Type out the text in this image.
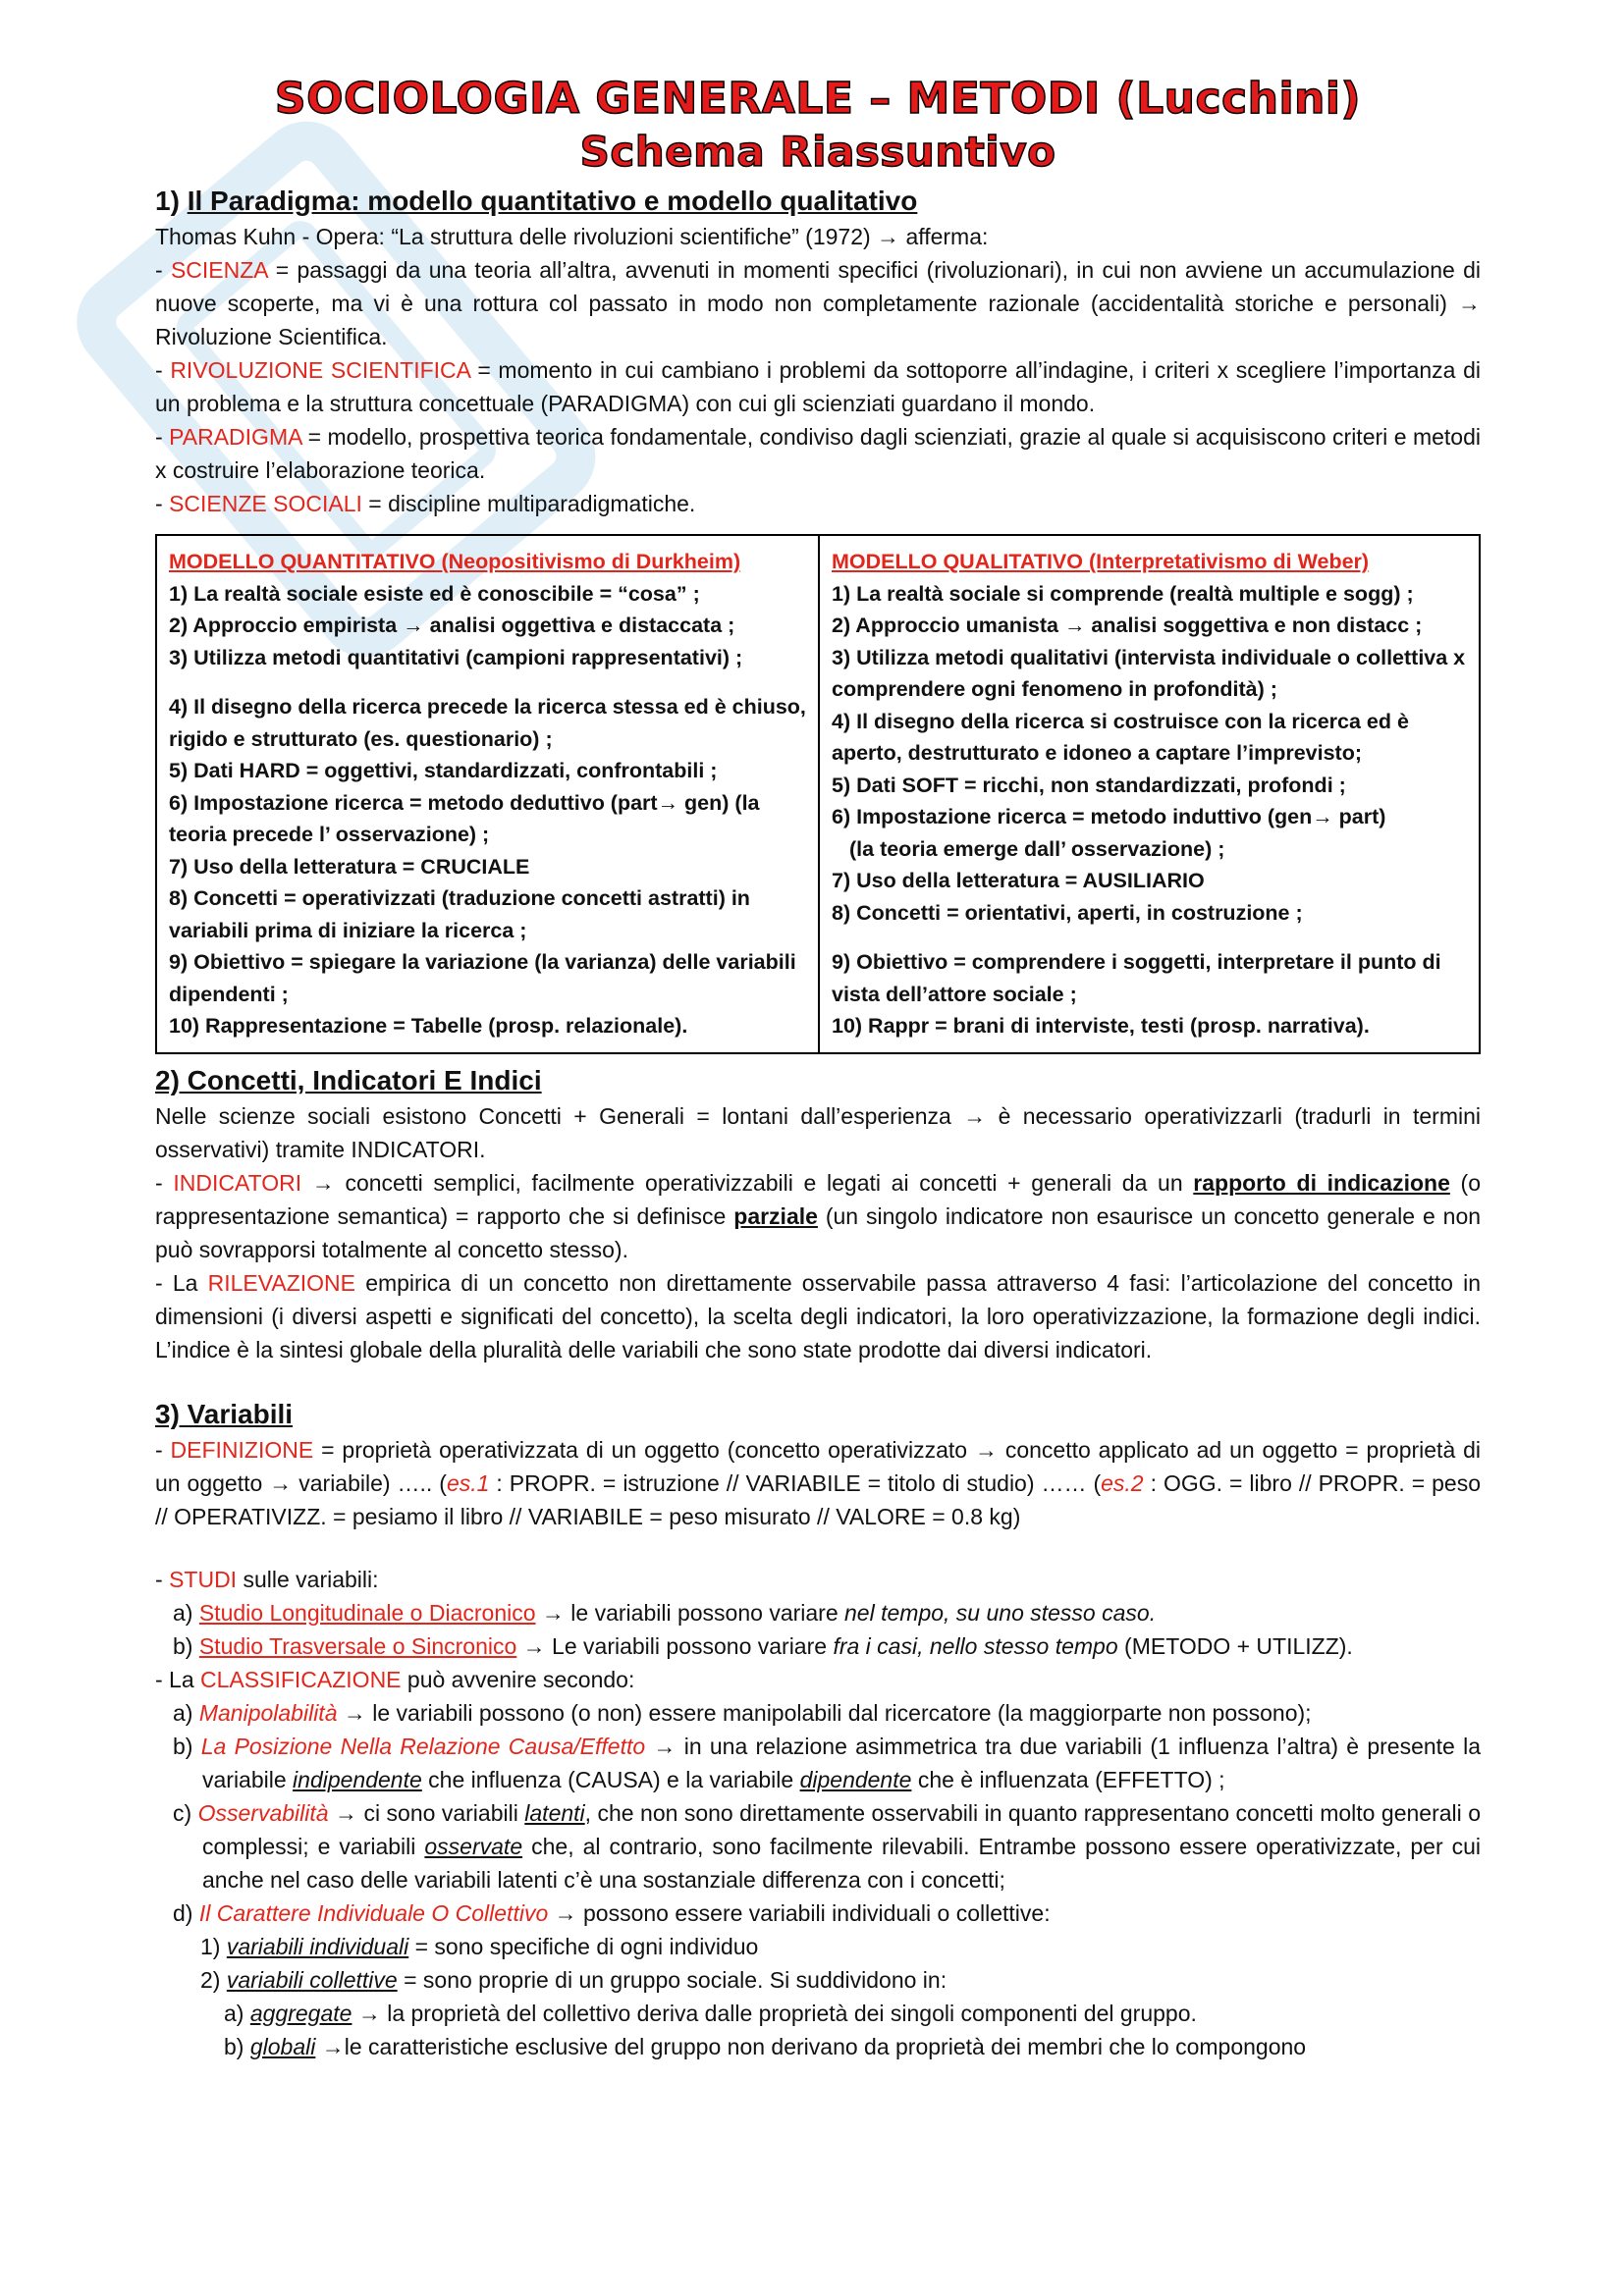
SOCIOLOGIA GENERALE – METODI (Lucchini)
Schema Riassuntivo
1) Il Paradigma: modello quantitativo e modello qualitativo

Thomas Kuhn - Opera: “La struttura delle rivoluzioni scientifiche” (1972) → afferma:

- SCIENZA = passaggi da una teoria all’altra, avvenuti in momenti specifici (rivoluzionari), in cui non avviene un accumulazione di nuove scoperte, ma vi è una rottura col passato in modo non completamente razionale (accidentalità storiche e personali) → Rivoluzione Scientifica.

- RIVOLUZIONE SCIENTIFICA = momento in cui cambiano i problemi da sottoporre all’indagine, i criteri x scegliere l’importanza di un problema e la struttura concettuale (PARADIGMA) con cui gli scienziati guardano il mondo.

- PARADIGMA = modello, prospettiva teorica fondamentale, condiviso dagli scienziati, grazie al quale si acquisiscono criteri e metodi x costruire l’elaborazione teorica.

- SCIENZE SOCIALI = discipline multiparadigmatiche.

MODELLO QUANTITATIVO (Neopositivismo di Durkheim)
1) La realtà sociale esiste ed è conoscibile = “cosa” ;
2) Approccio empirista → analisi oggettiva e distaccata ;
3) Utilizza metodi quantitativi (campioni rappresentativi) ;
4) Il disegno della ricerca precede la ricerca stessa ed è chiuso, rigido e strutturato (es. questionario) ;
5) Dati HARD = oggettivi, standardizzati, confrontabili ;
6) Impostazione ricerca = metodo deduttivo (part→ gen) (la teoria precede l’ osservazione) ;
7) Uso della letteratura = CRUCIALE
8) Concetti = operativizzati (traduzione concetti astratti) in variabili prima di iniziare la ricerca ;
9) Obiettivo = spiegare la variazione (la varianza) delle variabili dipendenti ;
10) Rappresentazione = Tabelle (prosp. relazionale).
MODELLO QUALITATIVO (Interpretativismo di Weber)
1) La realtà sociale si comprende (realtà multiple e sogg) ;
2) Approccio umanista → analisi soggettiva e non distacc ;
3) Utilizza metodi qualitativi (intervista individuale o collettiva x comprendere ogni fenomeno in profondità) ;
4) Il disegno della ricerca si costruisce con la ricerca ed è aperto, destrutturato e idoneo a captare l’imprevisto;
5) Dati SOFT = ricchi, non standardizzati, profondi ;
6) Impostazione ricerca = metodo induttivo (gen→ part)
(la teoria emerge dall’ osservazione) ;
7) Uso della letteratura = AUSILIARIO
8) Concetti = orientativi, aperti, in costruzione ;
9) Obiettivo = comprendere i soggetti, interpretare il punto di vista dell’attore sociale ;
10) Rappr = brani di interviste, testi (prosp. narrativa).
2) Concetti, Indicatori E Indici

Nelle scienze sociali esistono Concetti + Generali = lontani dall’esperienza → è necessario operativizzarli (tradurli in termini osservativi) tramite INDICATORI.

- INDICATORI → concetti semplici, facilmente operativizzabili e legati ai concetti + generali da un rapporto di indicazione (o rappresentazione semantica) = rapporto che si definisce parziale (un singolo indicatore non esaurisce un concetto generale e non può sovrapporsi totalmente al concetto stesso).

- La RILEVAZIONE empirica di un concetto non direttamente osservabile passa attraverso 4 fasi: l’articolazione del concetto in dimensioni (i diversi aspetti e significati del concetto), la scelta degli indicatori, la loro operativizzazione, la formazione degli indici. L’indice è la sintesi globale della pluralità delle variabili che sono state prodotte dai diversi indicatori.

3) Variabili

- DEFINIZIONE = proprietà operativizzata di un oggetto (concetto operativizzato → concetto applicato ad un oggetto = proprietà di un oggetto → variabile) ….. (es.1 : PROPR. = istruzione // VARIABILE = titolo di studio) …… (es.2 : OGG. = libro // PROPR. = peso // OPERATIVIZZ. = pesiamo il libro // VARIABILE = peso misurato // VALORE = 0.8 kg)

- STUDI sulle variabili:

a) Studio Longitudinale o Diacronico → le variabili possono variare nel tempo, su uno stesso caso.

b) Studio Trasversale o Sincronico → Le variabili possono variare fra i casi, nello stesso tempo (METODO + UTILIZZ).

- La CLASSIFICAZIONE può avvenire secondo:

a) Manipolabilità → le variabili possono (o non) essere manipolabili dal ricercatore (la maggiorparte non possono);

b) La Posizione Nella Relazione Causa/Effetto → in una relazione asimmetrica tra due variabili (1 influenza l’altra) è presente la variabile indipendente che influenza (CAUSA) e la variabile dipendente che è influenzata (EFFETTO) ;

c) Osservabilità → ci sono variabili latenti, che non sono direttamente osservabili in quanto rappresentano concetti molto generali o complessi; e variabili osservate che, al contrario, sono facilmente rilevabili. Entrambe possono essere operativizzate, per cui anche nel caso delle variabili latenti c’è una sostanziale differenza con i concetti;

d) Il Carattere Individuale O Collettivo → possono essere variabili individuali o collettive:

1) variabili individuali = sono specifiche di ogni individuo

2) variabili collettive = sono proprie di un gruppo sociale. Si suddividono in:

a) aggregate → la proprietà del collettivo deriva dalle proprietà dei singoli componenti del gruppo.

b) globali →le caratteristiche esclusive del gruppo non derivano da proprietà dei membri che lo compongono
